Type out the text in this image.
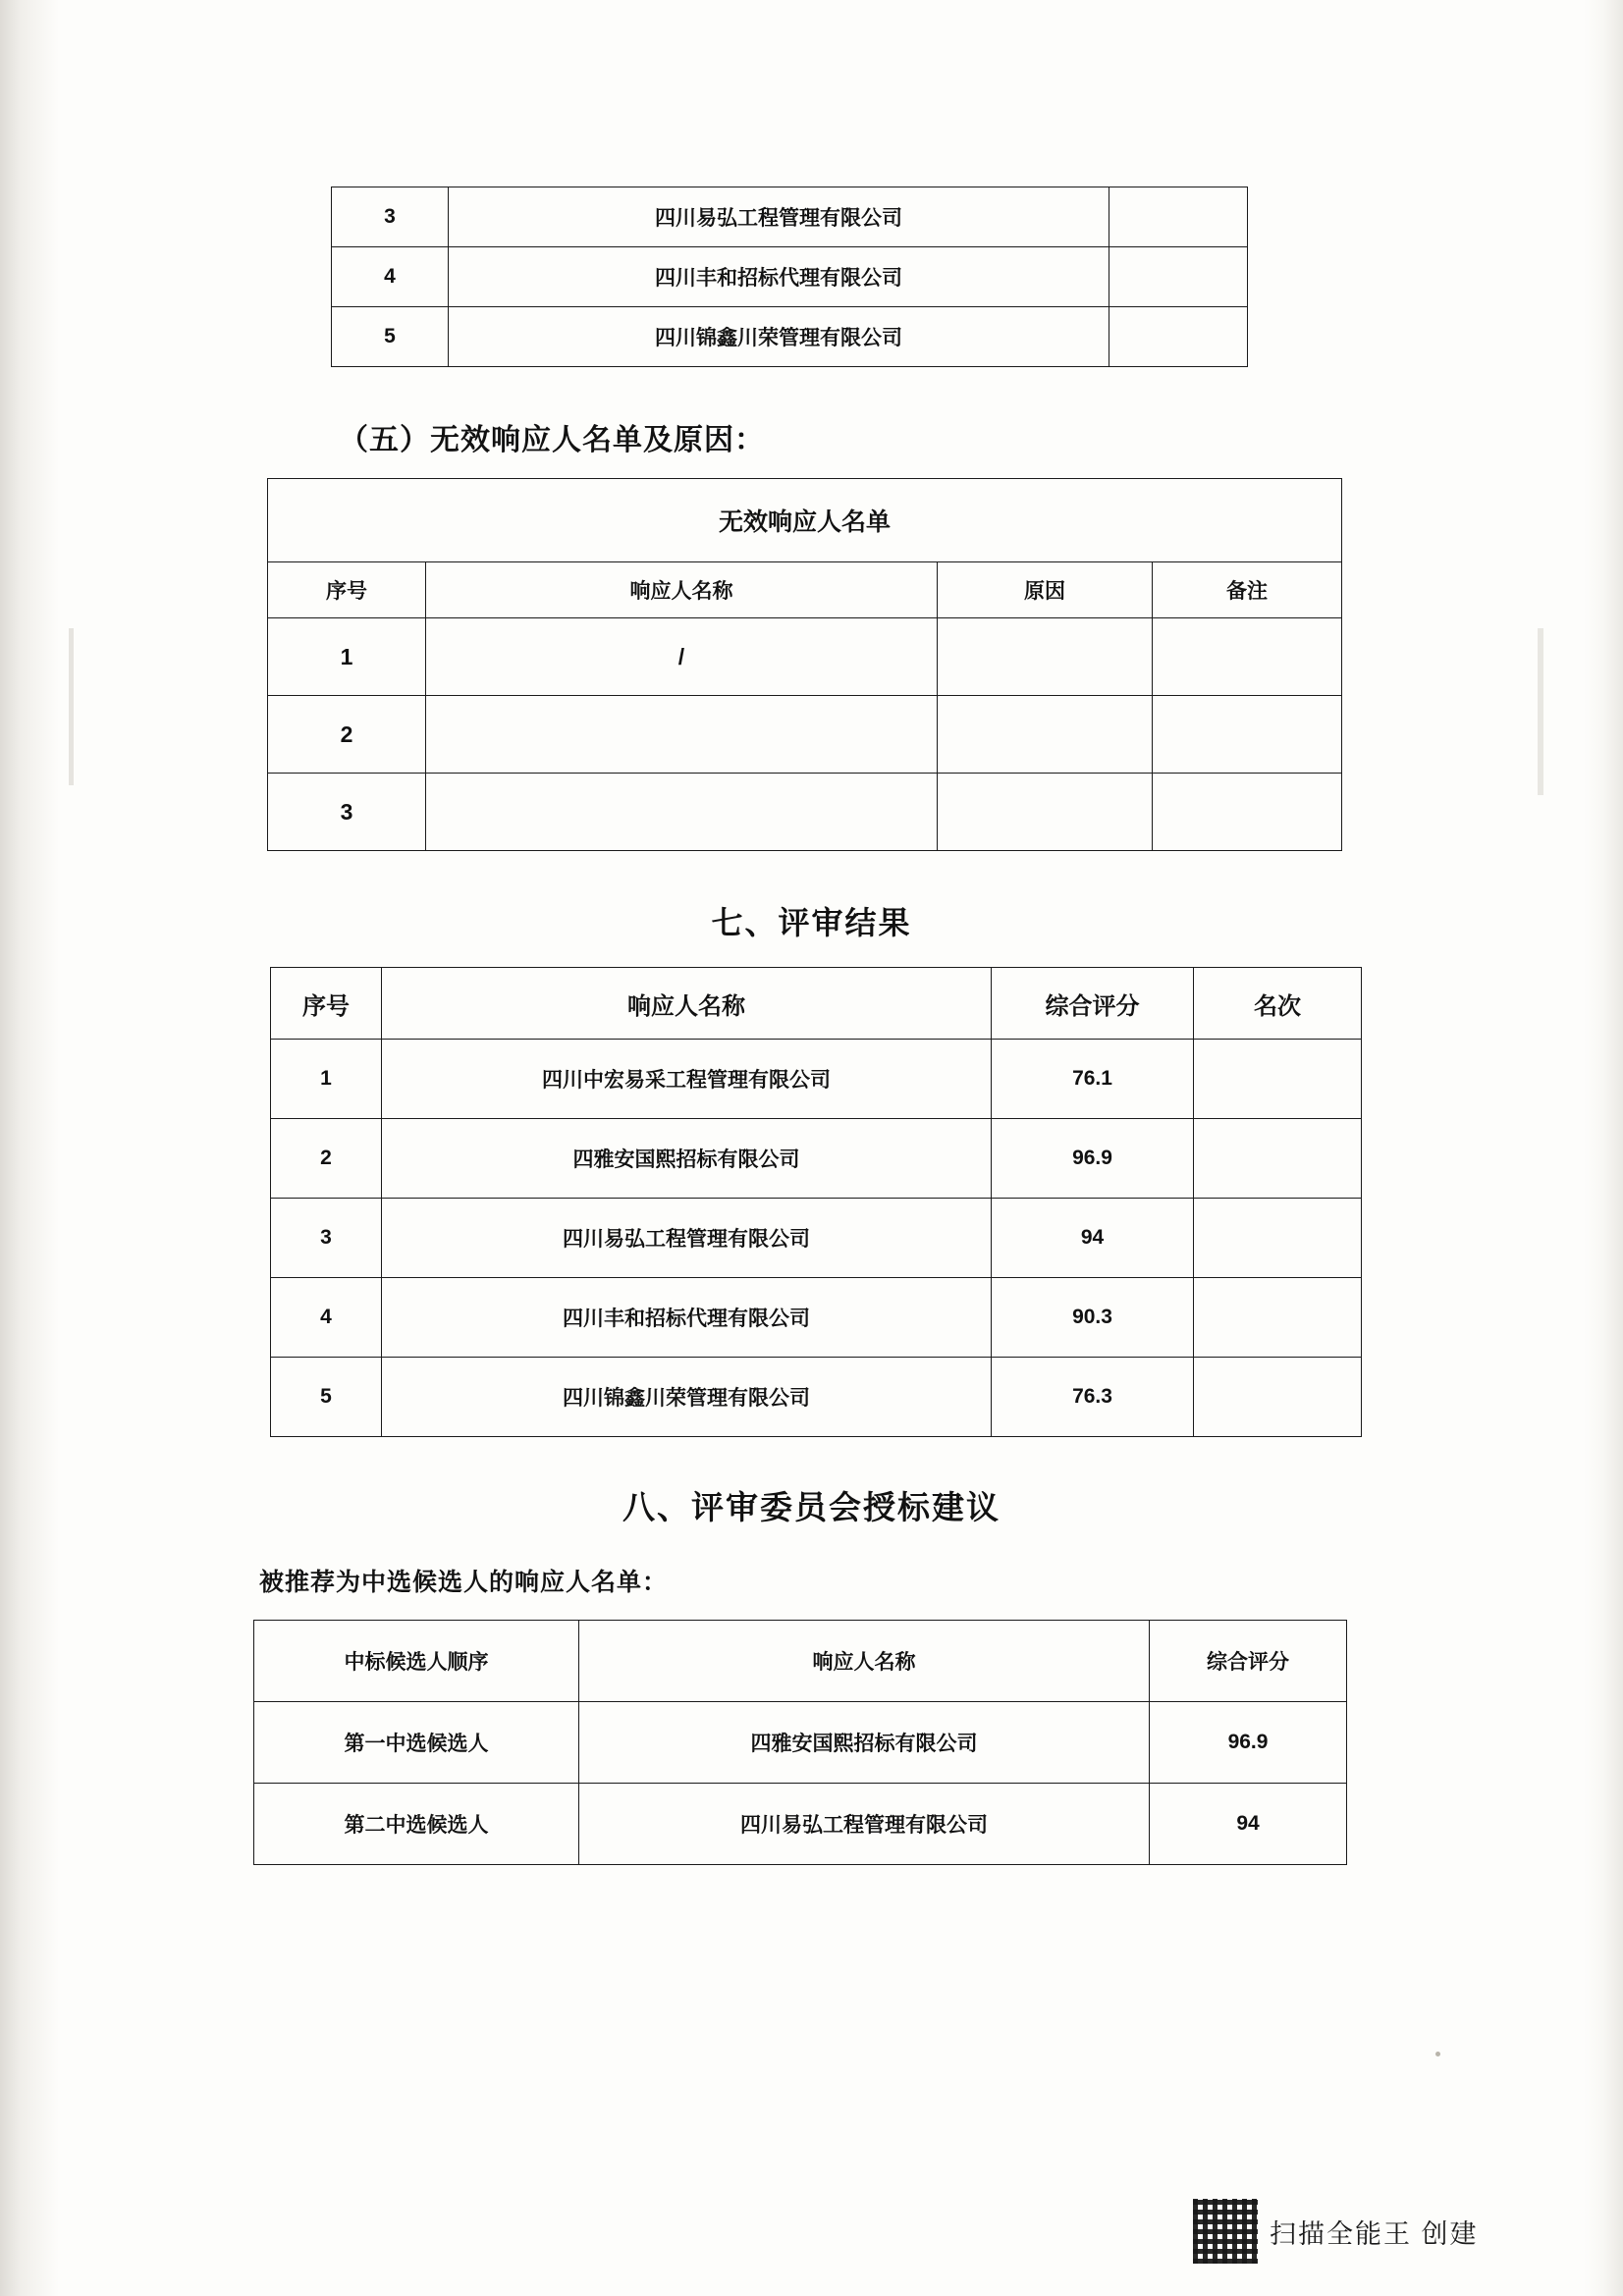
3	四川易弘工程管理有限公司	
4	四川丰和招标代理有限公司	
5	四川锦鑫川荣管理有限公司	
（五）无效响应人名单及原因：
无效响应人名单			
序号	响应人名称	原因	备注
1	/		
2			
3			
七、评审结果
序号	响应人名称	综合评分	名次
1	四川中宏易采工程管理有限公司	76.1	
2	四雅安国熙招标有限公司	96.9	
3	四川易弘工程管理有限公司	94	
4	四川丰和招标代理有限公司	90.3	
5	四川锦鑫川荣管理有限公司	76.3	
八、评审委员会授标建议
被推荐为中选候选人的响应人名单：
中标候选人顺序	响应人名称	综合评分
第一中选候选人	四雅安国熙招标有限公司	96.9
第二中选候选人	四川易弘工程管理有限公司	94
扫描全能王 创建
